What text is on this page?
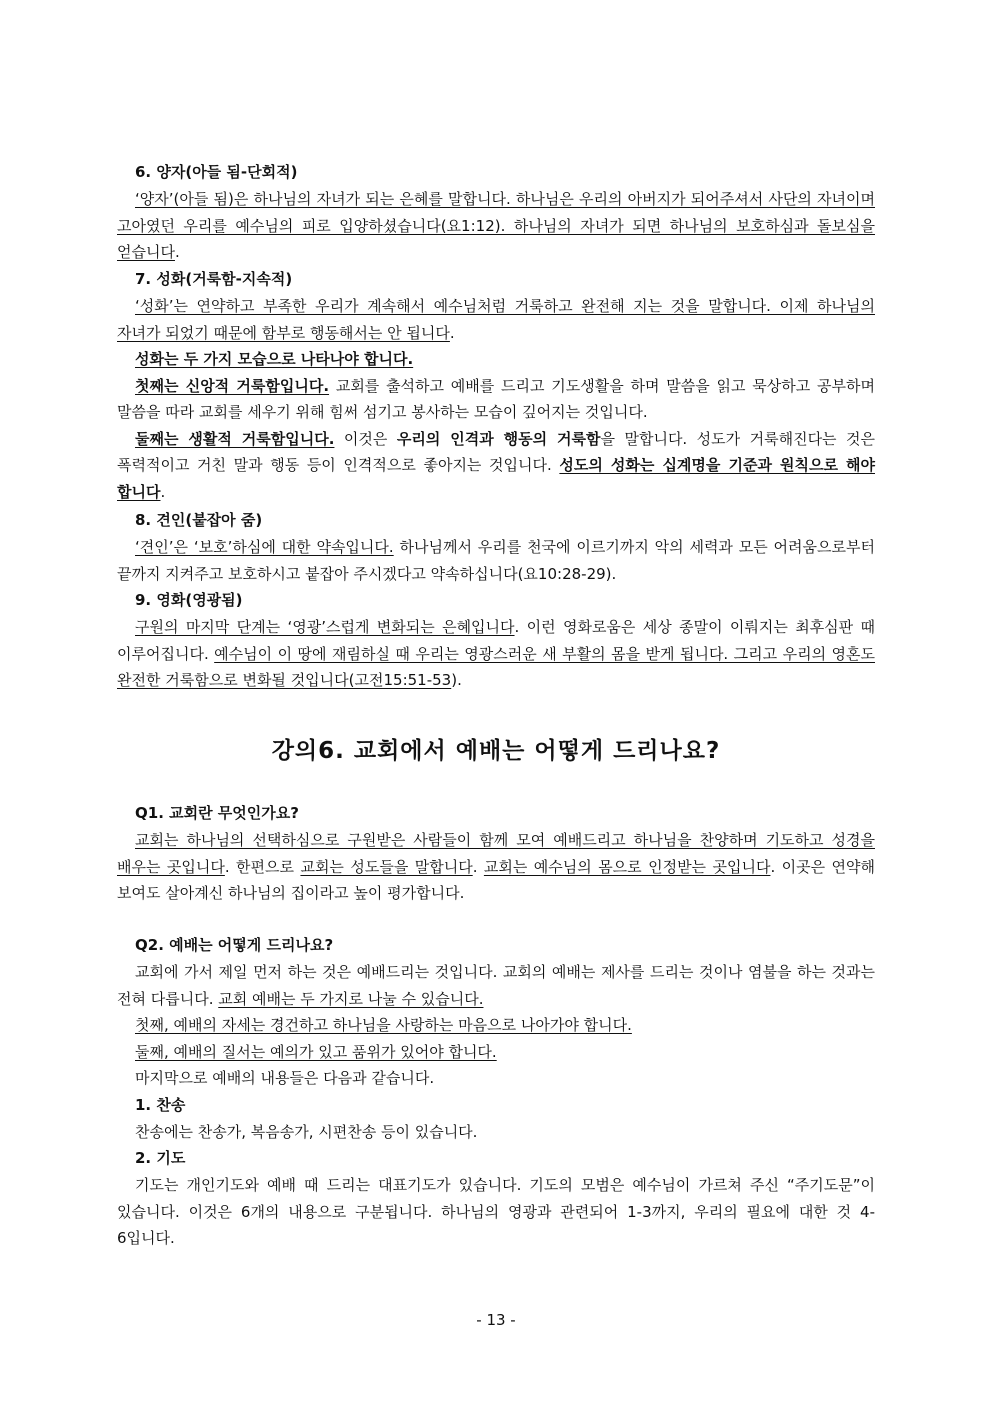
6. 양자(아들 됨-단회적)
‘양자’(아들 됨)은 하나님의 자녀가 되는 은혜를 말합니다. 하나님은 우리의 아버지가 되어주셔서 사단의 자녀이며 고아였던 우리를 예수님의 피로 입양하셨습니다(요1:12). 하나님의 자녀가 되면 하나님의 보호하심과 돌보심을 얻습니다.
7. 성화(거룩함-지속적)
‘성화’는 연약하고 부족한 우리가 계속해서 예수님처럼 거룩하고 완전해 지는 것을 말합니다. 이제 하나님의 자녀가 되었기 때문에 함부로 행동해서는 안 됩니다.
성화는 두 가지 모습으로 나타나야 합니다.
첫째는 신앙적 거룩함입니다. 교회를 출석하고 예배를 드리고 기도생활을 하며 말씀을 읽고 묵상하고 공부하며 말씀을 따라 교회를 세우기 위해 힘써 섬기고 봉사하는 모습이 깊어지는 것입니다.
둘째는 생활적 거룩함입니다. 이것은 우리의 인격과 행동의 거룩함을 말합니다. 성도가 거룩해진다는 것은 폭력적이고 거친 말과 행동 등이 인격적으로 좋아지는 것입니다. 성도의 성화는 십계명을 기준과 원칙으로 해야 합니다.
8. 견인(붙잡아 줌)
‘견인’은 ‘보호’하심에 대한 약속입니다. 하나님께서 우리를 천국에 이르기까지 악의 세력과 모든 어려움으로부터 끝까지 지켜주고 보호하시고 붙잡아 주시겠다고 약속하십니다(요10:28-29).
9. 영화(영광됨)
구원의 마지막 단계는 ‘영광’스럽게 변화되는 은혜입니다. 이런 영화로움은 세상 종말이 이뤄지는 최후심판 때 이루어집니다. 예수님이 이 땅에 재림하실 때 우리는 영광스러운 새 부활의 몸을 받게 됩니다. 그리고 우리의 영혼도 완전한 거룩함으로 변화될 것입니다(고전15:51-53).
강의6. 교회에서 예배는 어떻게 드리나요?
Q1. 교회란 무엇인가요?
교회는 하나님의 선택하심으로 구원받은 사람들이 함께 모여 예배드리고 하나님을 찬양하며 기도하고 성경을 배우는 곳입니다. 한편으로 교회는 성도들을 말합니다. 교회는 예수님의 몸으로 인정받는 곳입니다. 이곳은 연약해 보여도 살아계신 하나님의 집이라고 높이 평가합니다.
Q2. 예배는 어떻게 드리나요?
교회에 가서 제일 먼저 하는 것은 예배드리는 것입니다. 교회의 예배는 제사를 드리는 것이나 염불을 하는 것과는 전혀 다릅니다. 교회 예배는 두 가지로 나눌 수 있습니다.
첫째, 예배의 자세는 경건하고 하나님을 사랑하는 마음으로 나아가야 합니다.
둘째, 예배의 질서는 예의가 있고 품위가 있어야 합니다.
마지막으로 예배의 내용들은 다음과 같습니다.
1. 찬송
찬송에는 찬송가, 복음송가, 시편찬송 등이 있습니다.
2. 기도
기도는 개인기도와 예배 때 드리는 대표기도가 있습니다. 기도의 모범은 예수님이 가르쳐 주신 “주기도문”이 있습니다. 이것은 6개의 내용으로 구분됩니다. 하나님의 영광과 관련되어 1-3까지, 우리의 필요에 대한 것 4-6입니다.
- 13 -
